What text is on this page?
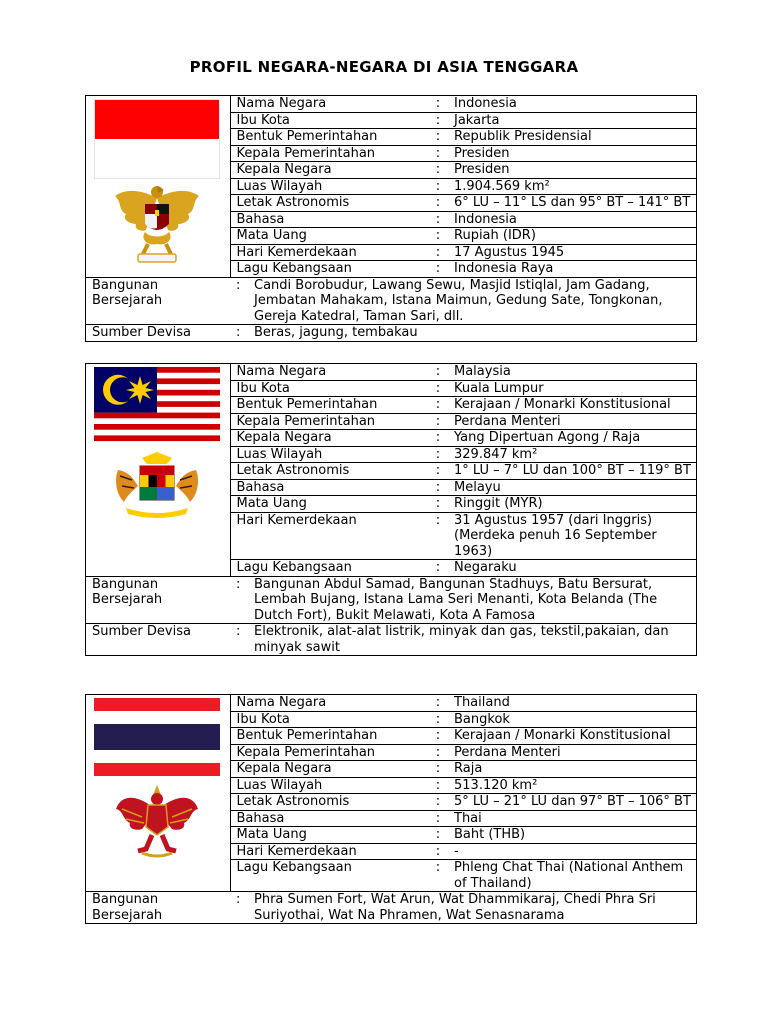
PROFIL NEGARA-NEGARA DI ASIA TENGGARA
	Nama Negara	:	Indonesia
	Ibu Kota	:	Jakarta
	Bentuk Pemerintahan	:	Republik Presidensial
	Kepala Pemerintahan	:	Presiden
	Kepala Negara	:	Presiden
	Luas Wilayah	:	1.904.569 km²
	Letak Astronomis	:	6° LU – 11° LS dan 95° BT – 141° BT
	Bahasa	:	Indonesia
	Mata Uang	:	Rupiah (IDR)
	Hari Kemerdekaan	:	17 Agustus 1945
	Lagu Kebangsaan	:	Indonesia Raya
Bangunan Bersejarah	: Candi Borobudur, Lawang Sewu, Masjid Istiqlal, Jam Gadang, Jembatan Mahakam, Istana Maimun, Gedung Sate, Tongkonan, Gereja Katedral, Taman Sari, dll.		
Sumber Devisa	: Beras, jagung, tembakau		
	Nama Negara	:	Malaysia
	Ibu Kota	:	Kuala Lumpur
	Bentuk Pemerintahan	:	Kerajaan / Monarki Konstitusional
	Kepala Pemerintahan	:	Perdana Menteri
	Kepala Negara	:	Yang Dipertuan Agong / Raja
	Luas Wilayah	:	329.847 km²
	Letak Astronomis	:	1° LU – 7° LU dan 100° BT – 119° BT
	Bahasa	:	Melayu
	Mata Uang	:	Ringgit (MYR)
	Hari Kemerdekaan	:	31 Agustus 1957 (dari Inggris) (Merdeka penuh 16 September 1963)
	Lagu Kebangsaan	:	Negaraku
Bangunan Bersejarah	: Bangunan Abdul Samad, Bangunan Stadhuys, Batu Bersurat, Lembah Bujang, Istana Lama Seri Menanti, Kota Belanda (The Dutch Fort), Bukit Melawati, Kota A Famosa		
Sumber Devisa	: Elektronik, alat-alat listrik, minyak dan gas, tekstil,pakaian, dan minyak sawit		
	Nama Negara	:	Thailand
	Ibu Kota	:	Bangkok
	Bentuk Pemerintahan	:	Kerajaan / Monarki Konstitusional
	Kepala Pemerintahan	:	Perdana Menteri
	Kepala Negara	:	Raja
	Luas Wilayah	:	513.120 km²
	Letak Astronomis	:	5° LU – 21° LU dan 97° BT – 106° BT
	Bahasa	:	Thai
	Mata Uang	:	Baht (THB)
	Hari Kemerdekaan	:	-
	Lagu Kebangsaan	:	Phleng Chat Thai (National Anthem of Thailand)
Bangunan Bersejarah	: Phra Sumen Fort, Wat Arun, Wat Dhammikaraj, Chedi Phra Sri Suriyothai, Wat Na Phramen, Wat Senasnarama		
